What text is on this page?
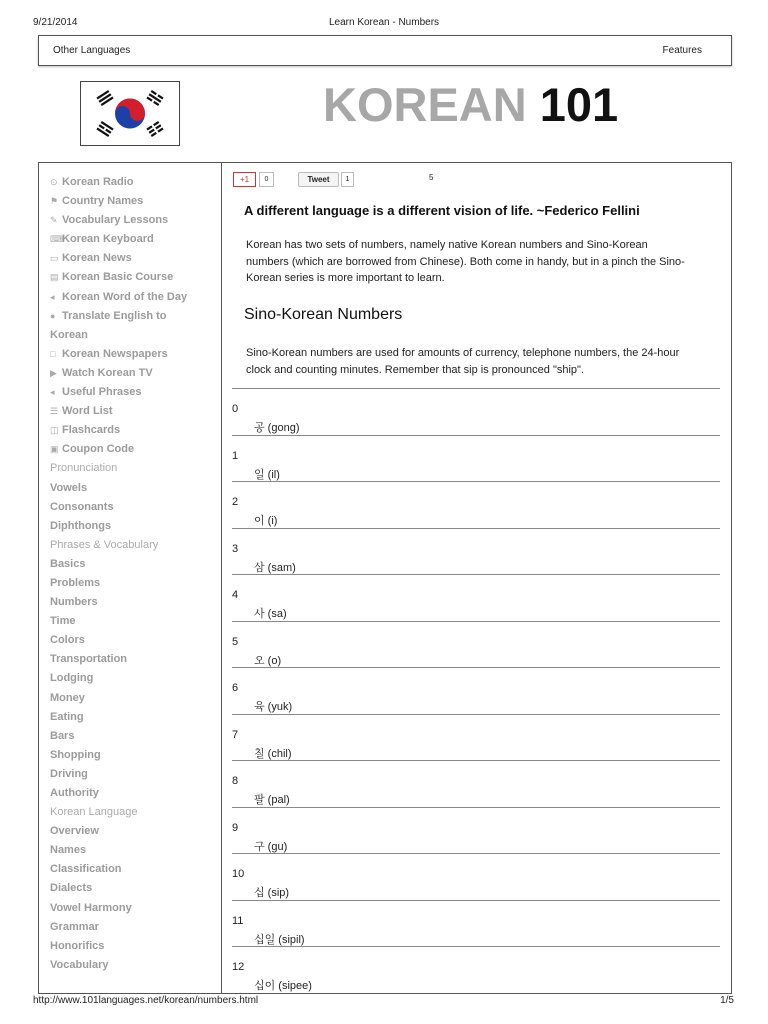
9/21/2014	Learn Korean - Numbers
Other Languages	Features
KOREAN 101
⊙ Korean Radio
⚑ Country Names
✎ Vocabulary Lessons
⌨Korean Keyboard
▭ Korean News
▤ Korean Basic Course
◂ Korean Word of the Day
● Translate English to
Korean
□ Korean Newspapers
▶ Watch Korean TV
◂ Useful Phrases
☰ Word List
◫ Flashcards
▣ Coupon Code
Pronunciation
Vowels
Consonants
Diphthongs
Phrases & Vocabulary
Basics
Problems
Numbers
Time
Colors
Transportation
Lodging
Money
Eating
Bars
Shopping
Driving
Authority
Korean Language
Overview
Names
Classification
Dialects
Vowel Harmony
Grammar
Honorifics
Vocabulary
+1	0	Tweet	1	5
A different language is a different vision of life. ~Federico Fellini
Korean has two sets of numbers, namely native Korean numbers and Sino-Korean numbers (which are borrowed from Chinese). Both come in handy, but in a pinch the Sino-Korean series is more important to learn.
Sino-Korean Numbers
Sino-Korean numbers are used for amounts of currency, telephone numbers, the 24-hour clock and counting minutes. Remember that sip is pronounced "ship".
0
공 (gong)
1
일 (il)
2
이 (i)
3
삼 (sam)
4
사 (sa)
5
오 (o)
6
육 (yuk)
7
칠 (chil)
8
팔 (pal)
9
구 (gu)
10
십 (sip)
11
십일 (sipil)
12
십이 (sipee)
http://www.101languages.net/korean/numbers.html	1/5
